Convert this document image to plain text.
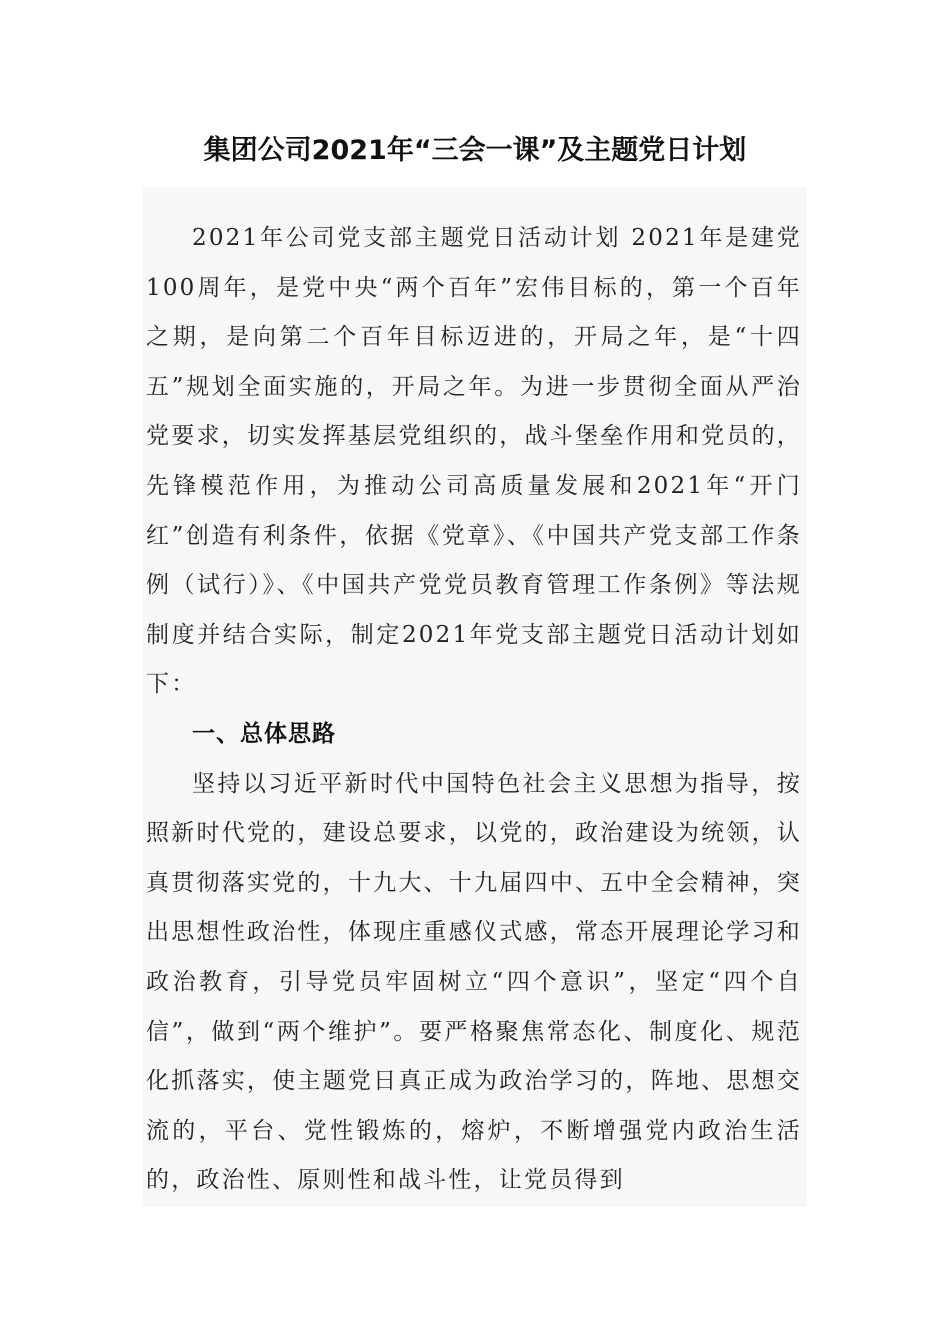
集团公司2021年“三会一课”及主题党日计划

2021年公司党支部主题党日活动计划 2021年是建党100周年，是党中央“两个百年”宏伟目标的，第一个百年之期，是向第二个百年目标迈进的，开局之年，是“十四五”规划全面实施的，开局之年。为进一步贯彻全面从严治党要求，切实发挥基层党组织的，战斗堡垒作用和党员的，先锋模范作用，为推动公司高质量发展和2021年“开门红”创造有利条件，依据《党章》、《中国共产党支部工作条例（试行）》、《中国共产党党员教育管理工作条例》等法规制度并结合实际，制定2021年党支部主题党日活动计划如下：

一、总体思路

坚持以习近平新时代中国特色社会主义思想为指导，按照新时代党的，建设总要求，以党的，政治建设为统领，认真贯彻落实党的，十九大、十九届四中、五中全会精神，突出思想性政治性，体现庄重感仪式感，常态开展理论学习和政治教育，引导党员牢固树立“四个意识”，坚定“四个自信”，做到“两个维护”。要严格聚焦常态化、制度化、规范化抓落实，使主题党日真正成为政治学习的，阵地、思想交流的，平台、党性锻炼的，熔炉，不断增强党内政治生活的，政治性、原则性和战斗性，让党员得到
